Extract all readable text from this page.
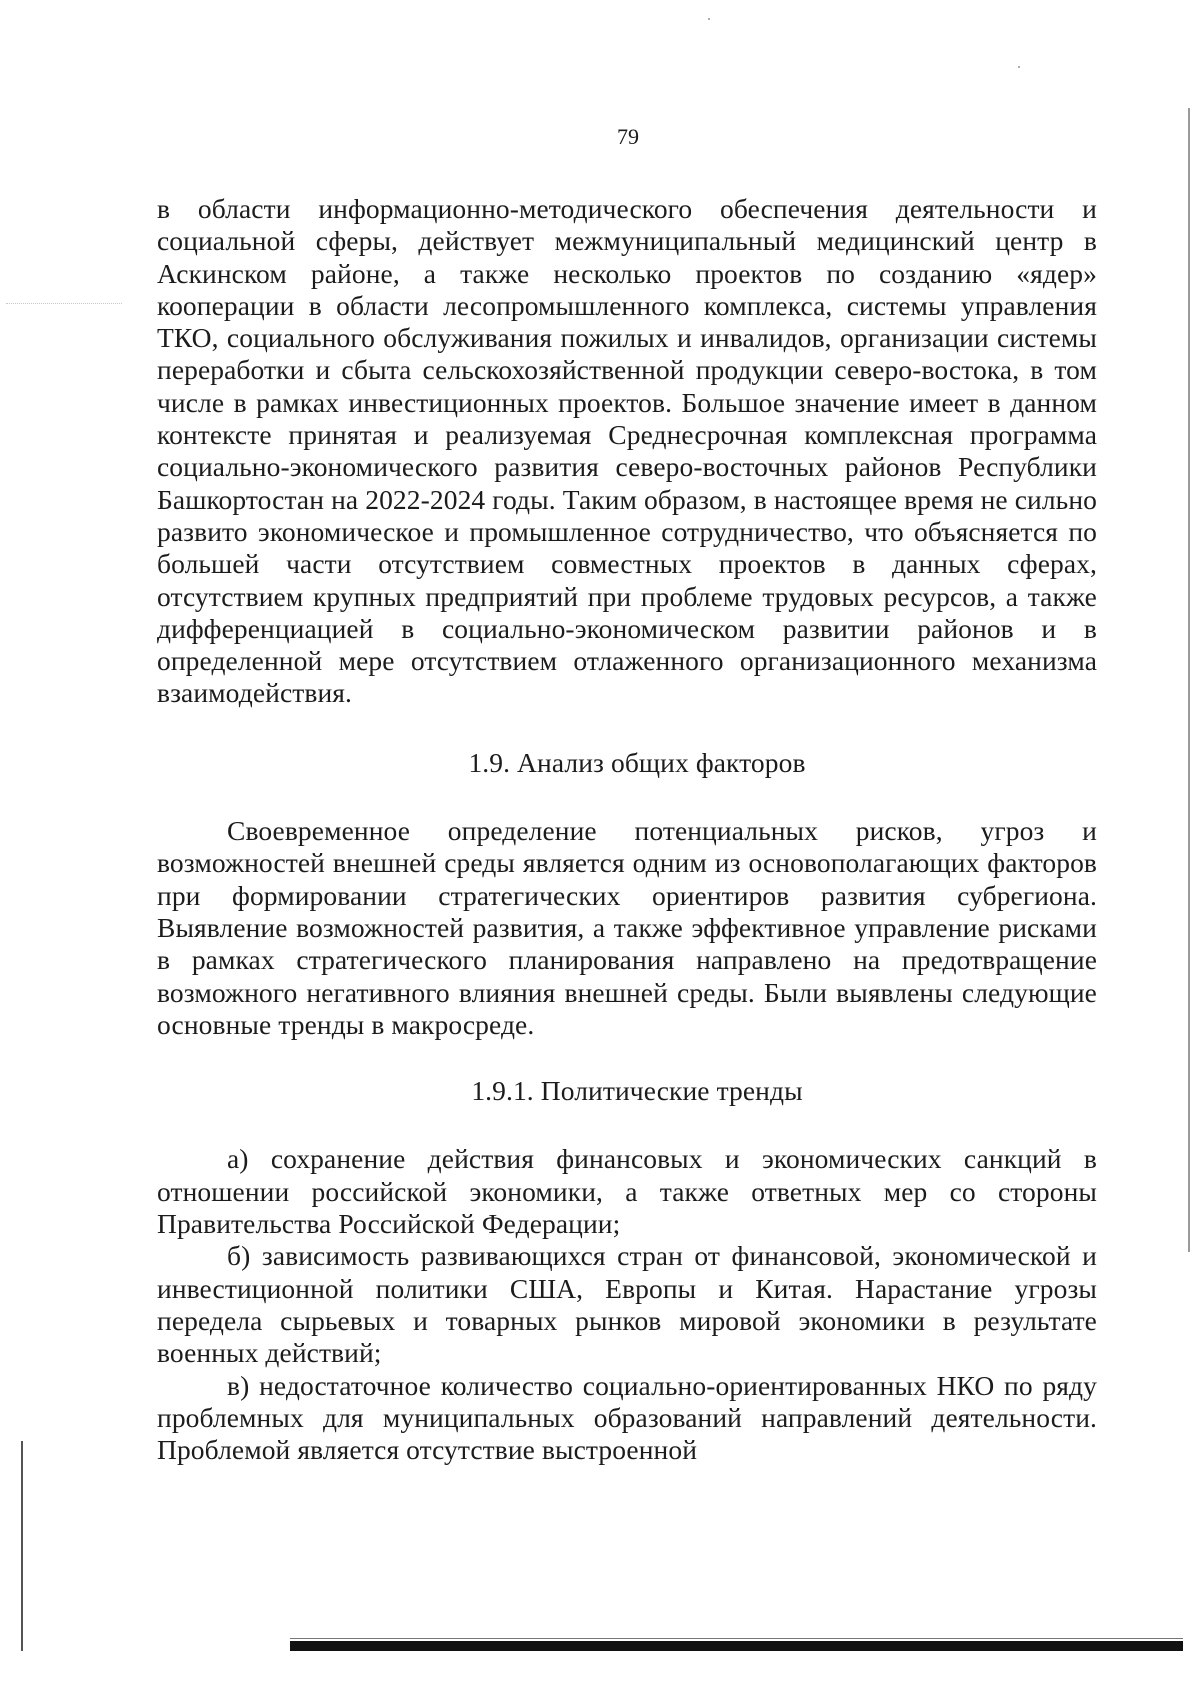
79

в области информационно-методического обеспечения деятельности и социальной сферы, действует межмуниципальный медицинский центр в Аскинском районе, а также несколько проектов по созданию «ядер» кооперации в области лесопромышленного комплекса, системы управления ТКО, социального обслуживания пожилых и инвалидов, организации системы переработки и сбыта сельскохозяйственной продукции северо-востока, в том числе в рамках инвестиционных проектов. Большое значение имеет в данном контексте принятая и реализуемая Среднесрочная комплексная программа социально-экономического развития северо-восточных районов Республики Башкортостан на 2022-2024 годы. Таким образом, в настоящее время не сильно развито экономическое и промышленное сотрудничество, что объясняется по большей части отсутствием совместных проектов в данных сферах, отсутствием крупных предприятий при проблеме трудовых ресурсов, а также дифференциацией в социально-экономическом развитии районов и в определенной мере отсутствием отлаженного организационного механизма взаимодействия.

1.9. Анализ общих факторов

Своевременное определение потенциальных рисков, угроз и возможностей внешней среды является одним из основополагающих факторов при формировании стратегических ориентиров развития субрегиона. Выявление возможностей развития, а также эффективное управление рисками в рамках стратегического планирования направлено на предотвращение возможного негативного влияния внешней среды. Были выявлены следующие основные тренды в макросреде.

1.9.1. Политические тренды

а) сохранение действия финансовых и экономических санкций в отношении российской экономики, а также ответных мер со стороны Правительства Российской Федерации;

б) зависимость развивающихся стран от финансовой, экономической и инвестиционной политики США, Европы и Китая. Нарастание угрозы передела сырьевых и товарных рынков мировой экономики в результате военных действий;

в) недостаточное количество социально-ориентированных НКО по ряду проблемных для муниципальных образований направлений деятельности. Проблемой является отсутствие выстроенной
